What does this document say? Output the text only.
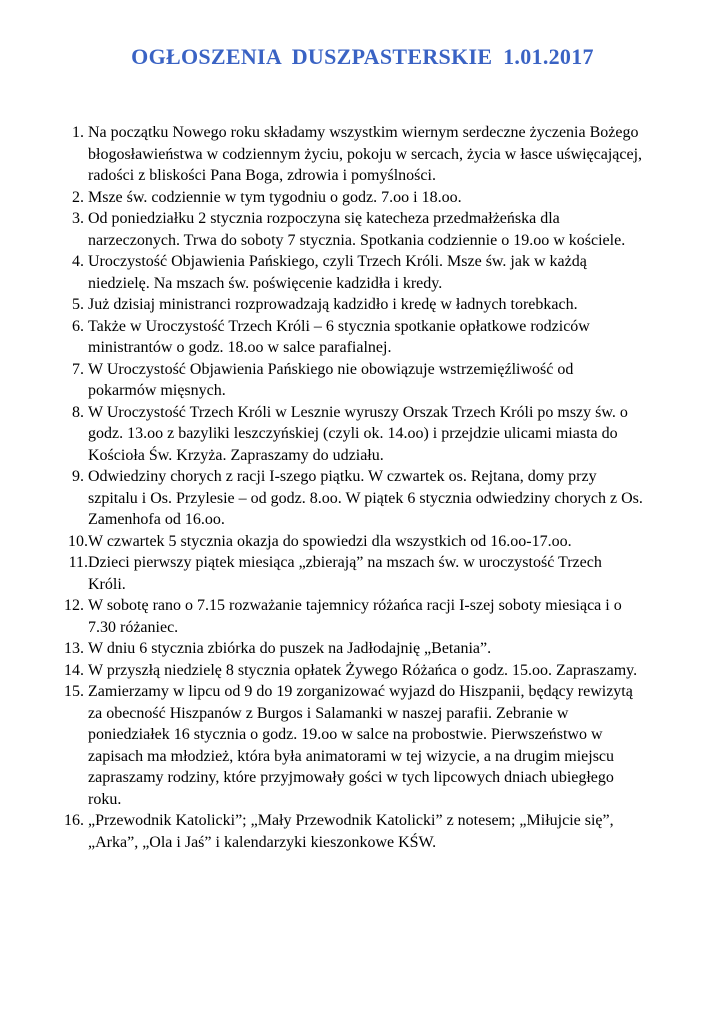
OGŁOSZENIA DUSZPASTERSKIE 1.01.2017
1. Na początku Nowego roku składamy wszystkim wiernym serdeczne życzenia Bożego
błogosławieństwa w codziennym życiu, pokoju w sercach, życia w łasce uświęcającej,
radości z bliskości Pana Boga, zdrowia i pomyślności.
2. Msze św. codziennie w tym tygodniu o godz. 7.oo i 18.oo.
3. Od poniedziałku 2 stycznia rozpoczyna się katecheza przedmałżeńska dla
narzeczonych. Trwa do soboty 7 stycznia. Spotkania codziennie o 19.oo w kościele.
4. Uroczystość Objawienia Pańskiego, czyli Trzech Króli. Msze św. jak w każdą
niedzielę. Na mszach św. poświęcenie kadzidła i kredy.
5. Już dzisiaj ministranci rozprowadzają kadzidło i kredę w ładnych torebkach.
6. Także w Uroczystość Trzech Króli – 6 stycznia spotkanie opłatkowe rodziców
ministrantów o godz. 18.oo w salce parafialnej.
7. W Uroczystość Objawienia Pańskiego nie obowiązuje wstrzemięźliwość od
pokarmów mięsnych.
8. W Uroczystość Trzech Króli w Lesznie wyruszy Orszak Trzech Króli po mszy św. o
godz. 13.oo z bazyliki leszczyńskiej (czyli ok. 14.oo) i przejdzie ulicami miasta do
Kościoła Św. Krzyża. Zapraszamy do udziału.
9. Odwiedziny chorych z racji I-szego piątku. W czwartek os. Rejtana, domy przy
szpitalu i Os. Przylesie – od godz. 8.oo. W piątek 6 stycznia odwiedziny chorych z Os.
Zamenhofa od 16.oo.
10. W czwartek 5 stycznia okazja do spowiedzi dla wszystkich od 16.oo-17.oo.
11. Dzieci pierwszy piątek miesiąca „zbierają” na mszach św. w uroczystość Trzech
Króli.
12. W sobotę rano o 7.15 rozważanie tajemnicy różańca racji I-szej soboty miesiąca i o
7.30 różaniec.
13. W dniu 6 stycznia zbiórka do puszek na Jadłodajnię „Betania”.
14. W przyszłą niedzielę 8 stycznia opłatek Żywego Różańca o godz. 15.oo. Zapraszamy.
15. Zamierzamy w lipcu od 9 do 19 zorganizować wyjazd do Hiszpanii, będący rewizytą
za obecność Hiszpanów z Burgos i Salamanki w naszej parafii. Zebranie w
poniedziałek 16 stycznia o godz. 19.oo w salce na probostwie. Pierwszeństwo w
zapisach ma młodzież, która była animatorami w tej wizycie, a na drugim miejscu
zapraszamy rodziny, które przyjmowały gości w tych lipcowych dniach ubiegłego
roku.
16. „Przewodnik Katolicki”; „Mały Przewodnik Katolicki” z notesem; „Miłujcie się”,
„Arka”, „Ola i Jaś” i kalendarzyki kieszonkowe KŚW.
